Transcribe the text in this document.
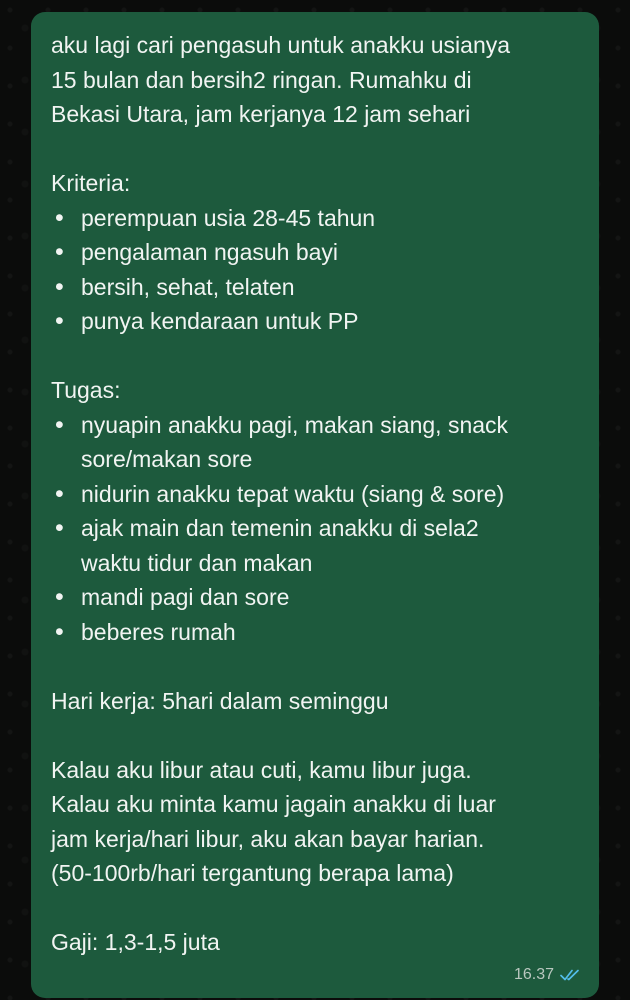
aku lagi cari pengasuh untuk anakku usianya
15 bulan dan bersih2 ringan. Rumahku di
Bekasi Utara, jam kerjanya 12 jam sehari
Kriteria:
• perempuan usia 28-45 tahun
• pengalaman ngasuh bayi
• bersih, sehat, telaten
• punya kendaraan untuk PP
Tugas:
• nyuapin anakku pagi, makan siang, snack
sore/makan sore
• nidurin anakku tepat waktu (siang & sore)
• ajak main dan temenin anakku di sela2
waktu tidur dan makan
• mandi pagi dan sore
• beberes rumah
Hari kerja: 5hari dalam seminggu
Kalau aku libur atau cuti, kamu libur juga.
Kalau aku minta kamu jagain anakku di luar
jam kerja/hari libur, aku akan bayar harian.
(50-100rb/hari tergantung berapa lama)
Gaji: 1,3-1,5 juta
16.37
